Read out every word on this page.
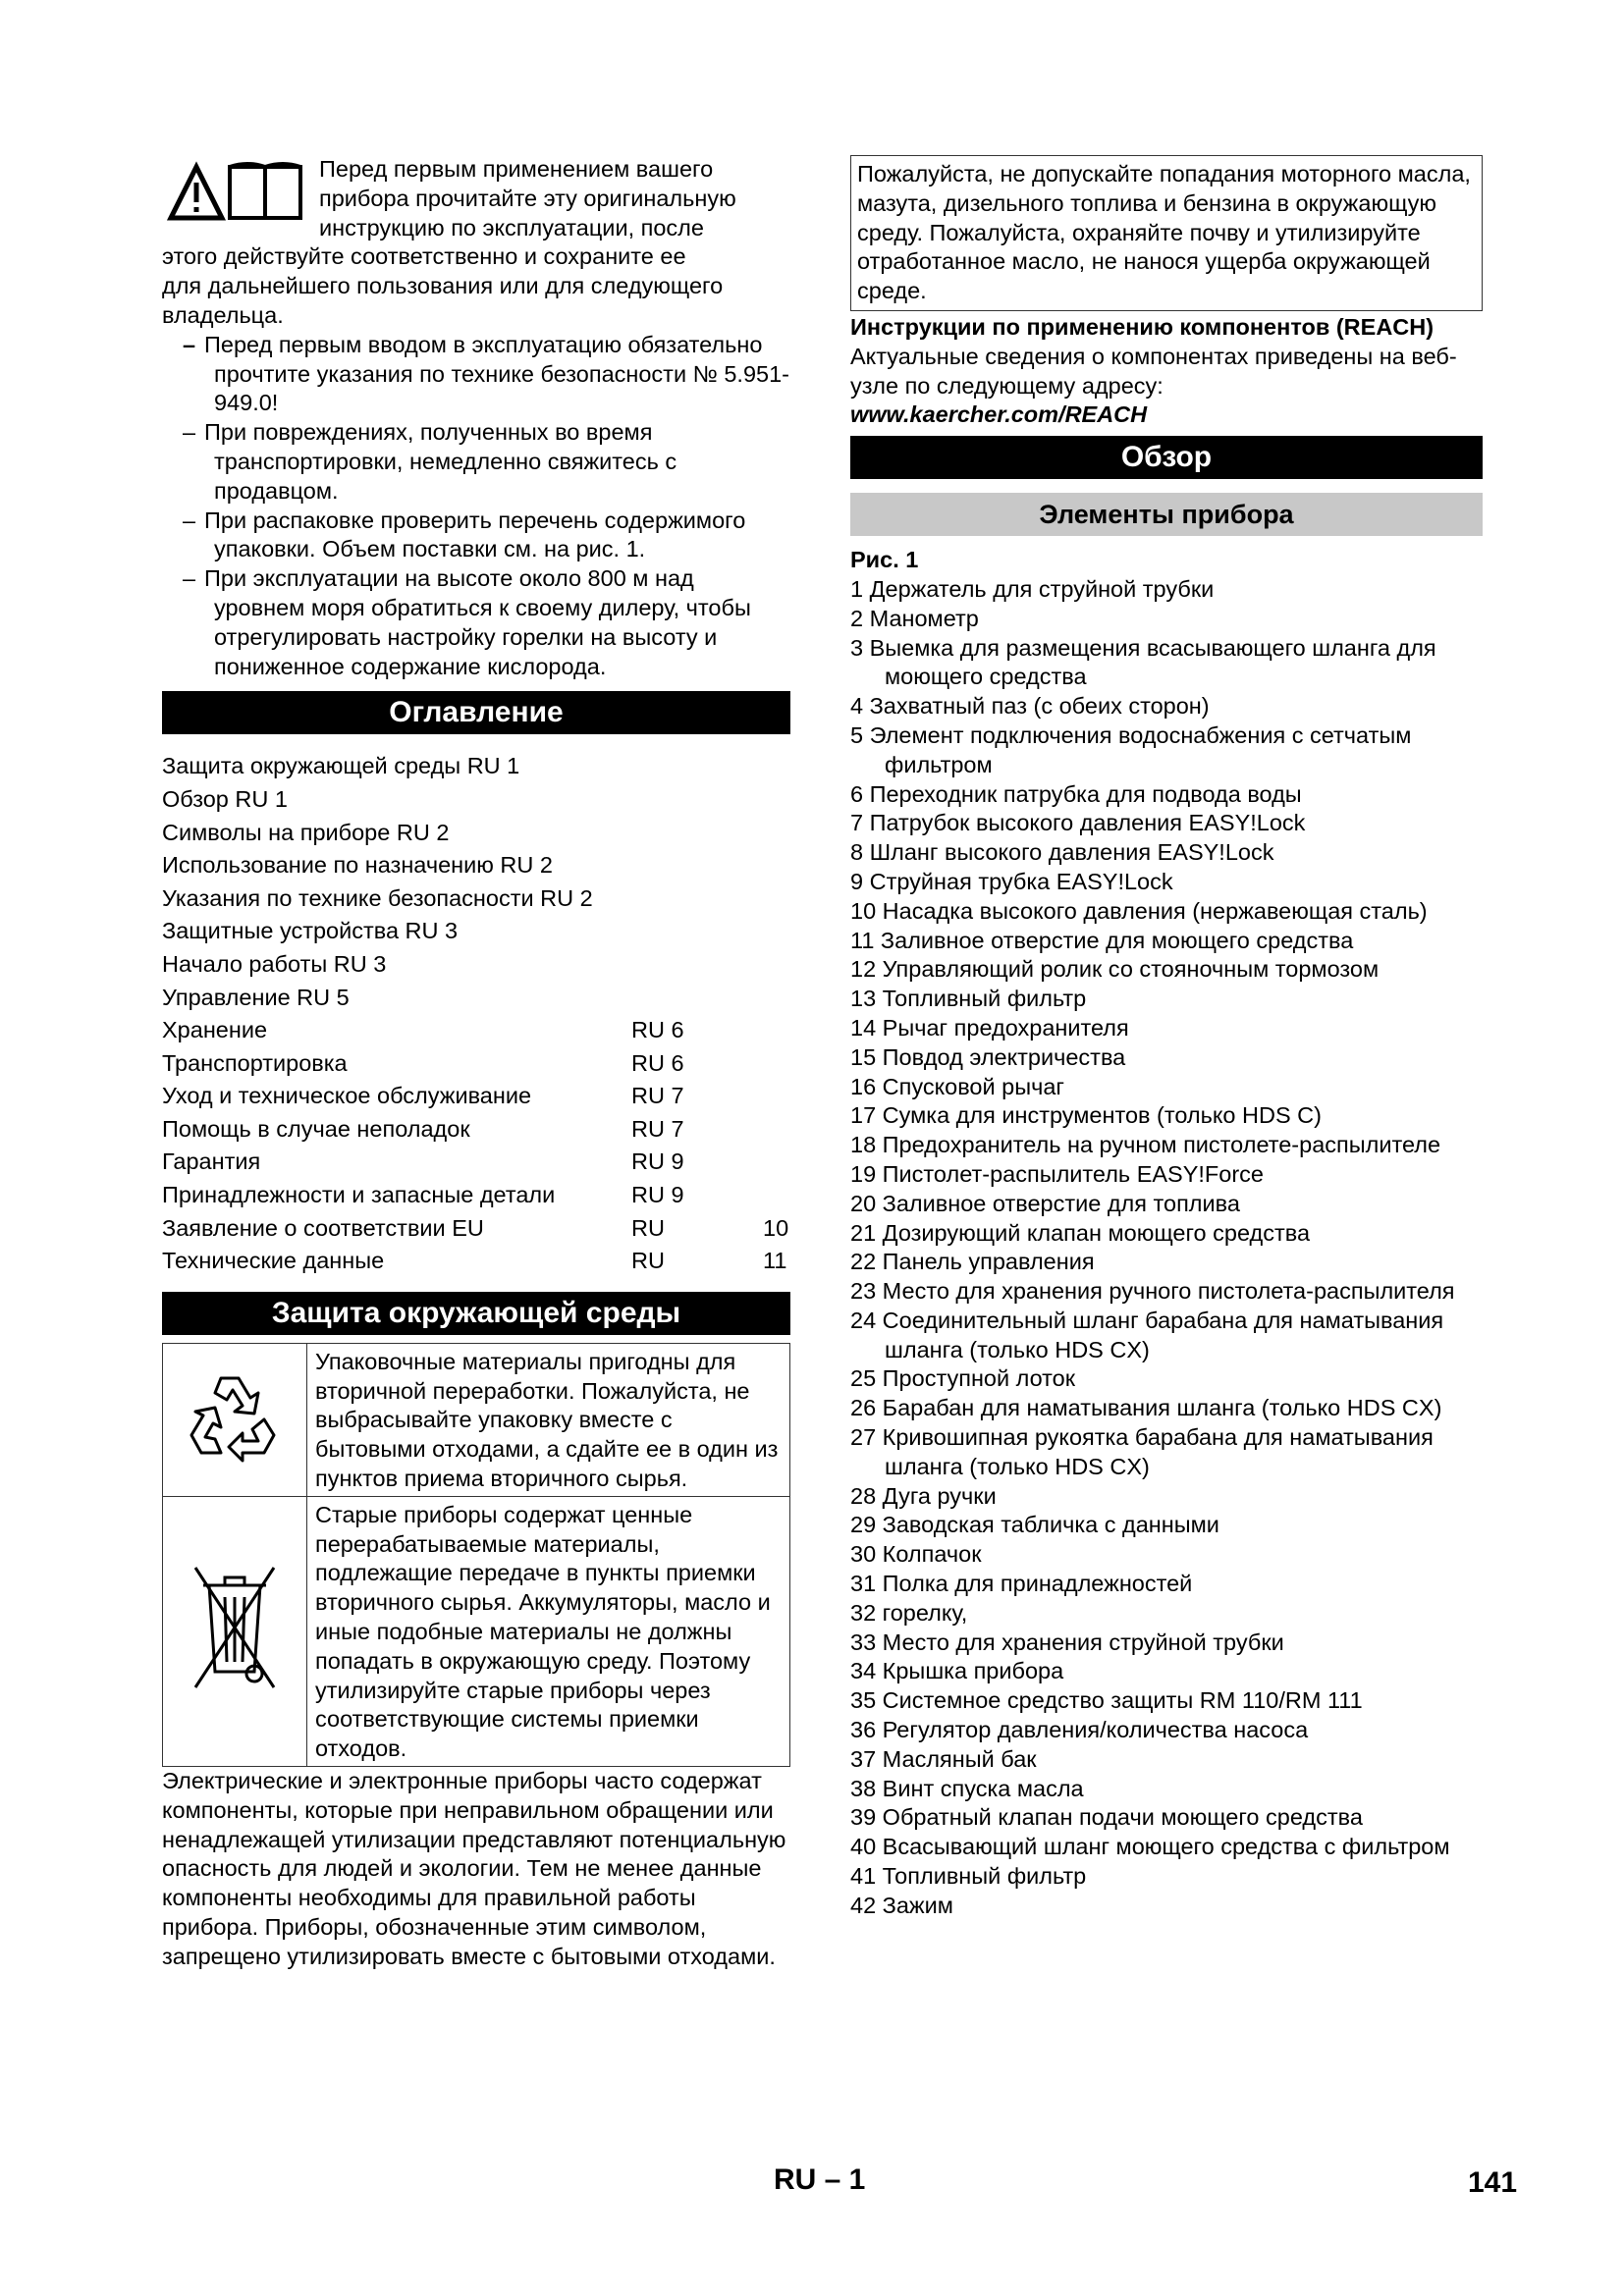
Перед первым применением вашего

прибора прочитайте эту оригинальную

инструкцию по эксплуатации, после

этого действуйте соответственно и сохраните ее

для дальнейшего пользования или для следующего

владельца.

– Перед первым вводом в эксплуатацию обязательно прочтите указания по технике безопасности № 5.951-949.0!
– При повреждениях, полученных во время транспортировки, немедленно свяжитесь с продавцом.
– При распаковке проверить перечень содержимого упаковки. Объем поставки см. на рис. 1.
– При эксплуатации на высоте около 800 м над уровнем моря обратиться к своему дилеру, чтобы отрегулировать настройку горелки на высоту и пониженное содержание кислорода.
Оглавление
Защита окружающей среды RU 1
Обзор RU 1
Символы на приборе RU 2
Использование по назначению RU 2
Указания по технике безопасности RU 2
Защитные устройства RU 3
Начало работы RU 3
Управление RU 5
Хранение	RU 6
Транспортировка	RU 6
Уход и техническое обслуживание	RU 7
Помощь в случае неполадок	RU 7
Гарантия	RU 9
Принадлежности и запасные детали	RU 9
Заявление о соответствии EU	RU	10
Технические данные	RU	11
Защита окружающей среды
	Упаковочные материалы пригодны для вторичной переработки. Пожалуйста, не выбрасывайте упаковку вместе с бытовыми отходами, а сдайте ее в один из пунктов приема вторичного сырья.
	Старые приборы содержат ценные перерабатываемые материалы, подлежащие передаче в пункты приемки вторичного сырья. Аккумуляторы, масло и иные подобные материалы не должны попадать в окружающую среду. Поэтому утилизируйте старые приборы через соответствующие системы приемки отходов.

Электрические и электронные приборы часто содержат компоненты, которые при неправильном обращении или ненадлежащей утилизации представляют потенциальную опасность для людей и экологии. Тем не менее данные компоненты необходимы для правильной работы прибора. Приборы, обозначенные этим символом, запрещено утилизировать вместе с бытовыми отходами.

Пожалуйста, не допускайте попадания моторного масла, мазута, дизельного топлива и бензина в окружающую среду. Пожалуйста, охраняйте почву и утилизируйте отработанное масло, не нанося ущерба окружающей среде.
Инструкции по применению компонентов (REACH)

Актуальные сведения о компонентах приведены на веб-узле по следующему адресу:

www.kaercher.com/REACH
Обзор
Элементы прибора
Рис. 1
1 Держатель для струйной трубки
2 Манометр
3 Выемка для размещения всасывающего шланга для моющего средства
4 Захватный паз (с обеих сторон)
5 Элемент подключения водоснабжения с сетчатым фильтром
6 Переходник патрубка для подвода воды
7 Патрубок высокого давления EASY!Lock
8 Шланг высокого давления EASY!Lock
9 Струйная трубка EASY!Lock
10 Насадка высокого давления (нержавеющая сталь)
11 Заливное отверстие для моющего средства
12 Управляющий ролик со стояночным тормозом
13 Топливный фильтр
14 Рычаг предохранителя
15 Повдод электричества
16 Спусковой рычаг
17 Сумка для инструментов (только HDS C)
18 Предохранитель на ручном пистолете-распылителе
19 Пистолет-распылитель EASY!Force
20 Заливное отверстие для топлива
21 Дозирующий клапан моющего средства
22 Панель управления
23 Место для хранения ручного пистолета-распылителя
24 Соединительный шланг барабана для наматывания шланга (только HDS CX)
25 Проступной лоток
26 Барабан для наматывания шланга (только HDS CX)
27 Кривошипная рукоятка барабана для наматывания шланга (только HDS CX)
28 Дуга ручки
29 Заводская табличка с данными
30 Колпачок
31 Полка для принадлежностей
32 горелку,
33 Место для хранения струйной трубки
34 Крышка прибора
35 Системное средство защиты RM 110/RM 111
36 Регулятор давления/количества насоса
37 Масляный бак
38 Винт спуска масла
39 Обратный клапан подачи моющего средства
40 Всасывающий шланг моющего средства с фильтром
41 Топливный фильтр
42 Зажим
RU – 1	141
